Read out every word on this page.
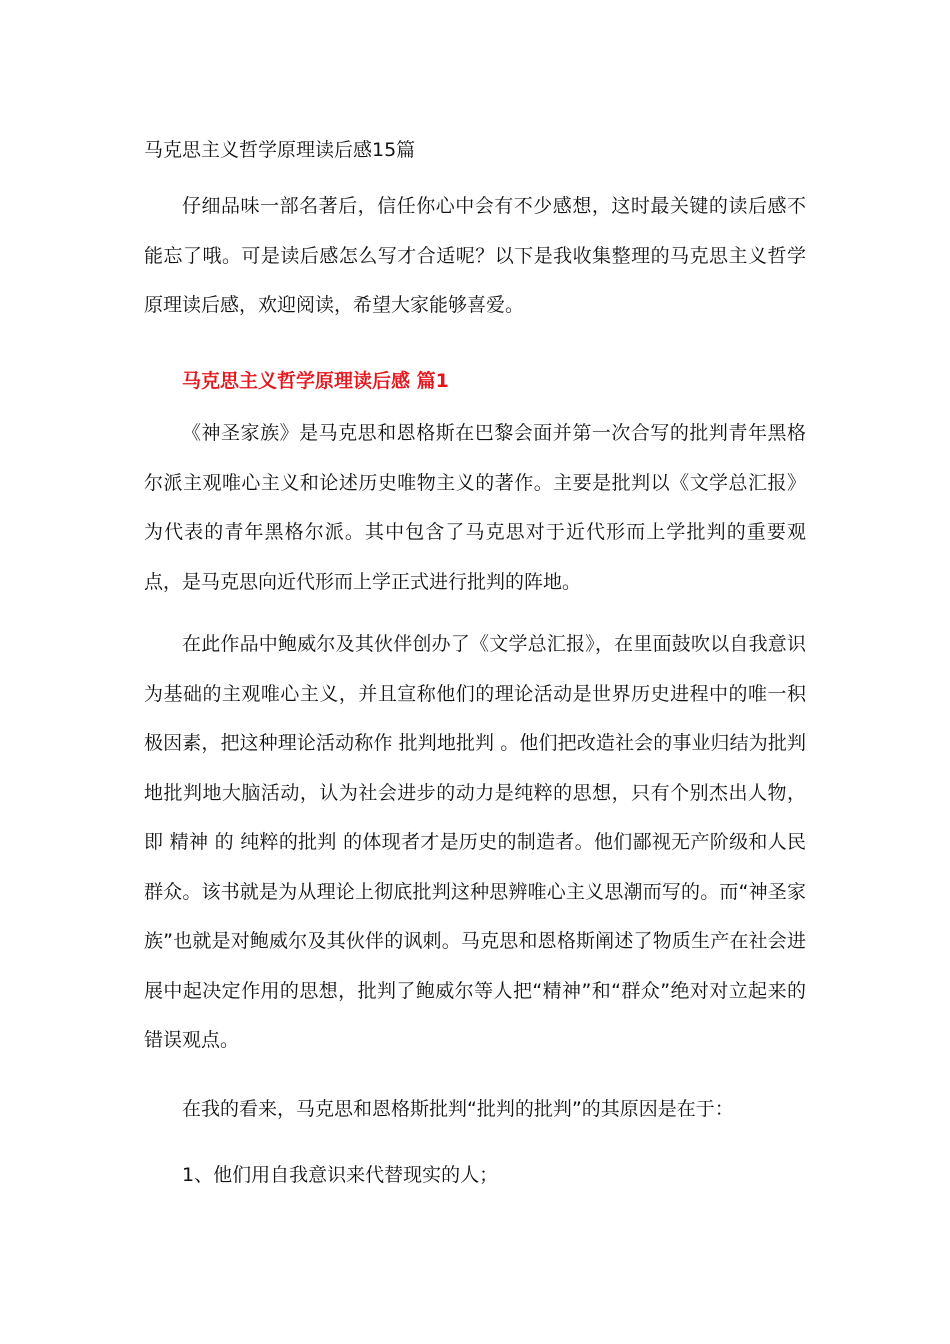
马克思主义哲学原理读后感15篇

仔细品味一部名著后，信任你心中会有不少感想，这时最关键的读后感不能忘了哦。可是读后感怎么写才合适呢？以下是我收集整理的马克思主义哲学原理读后感，欢迎阅读，希望大家能够喜爱。

马克思主义哲学原理读后感 篇1

《神圣家族》是马克思和恩格斯在巴黎会面并第一次合写的批判青年黑格尔派主观唯心主义和论述历史唯物主义的著作。主要是批判以《文学总汇报》为代表的青年黑格尔派。其中包含了马克思对于近代形而上学批判的重要观点，是马克思向近代形而上学正式进行批判的阵地。

在此作品中鲍威尔及其伙伴创办了《文学总汇报》，在里面鼓吹以自我意识为基础的主观唯心主义，并且宣称他们的理论活动是世界历史进程中的唯一积极因素，把这种理论活动称作 批判地批判 。他们把改造社会的事业归结为批判地批判地大脑活动，认为社会进步的动力是纯粹的思想，只有个别杰出人物，即 精神 的 纯粹的批判 的体现者才是历史的制造者。他们鄙视无产阶级和人民群众。该书就是为从理论上彻底批判这种思辨唯心主义思潮而写的。而“神圣家族”也就是对鲍威尔及其伙伴的讽刺。马克思和恩格斯阐述了物质生产在社会进展中起决定作用的思想，批判了鲍威尔等人把“精神”和“群众”绝对对立起来的错误观点。

在我的看来，马克思和恩格斯批判“批判的批判”的其原因是在于：
1、他们用自我意识来代替现实的人；
